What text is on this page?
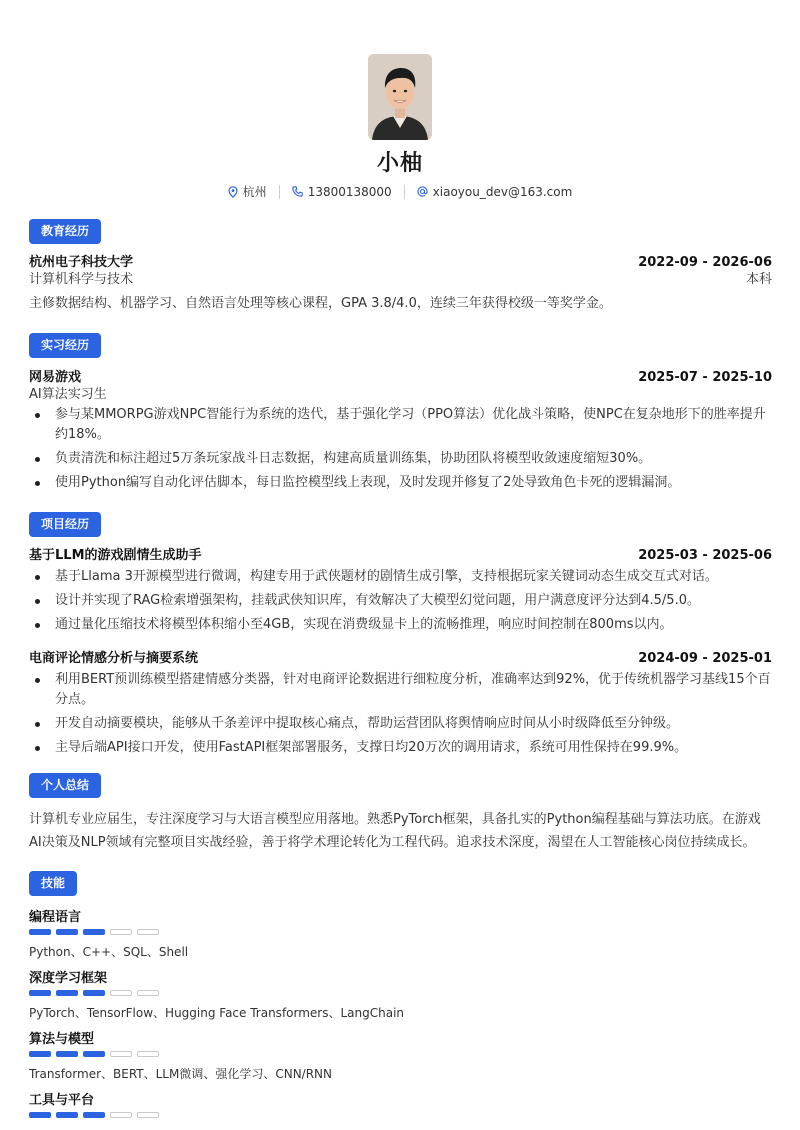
小柚
杭州	13800138000	xiaoyou_dev@163.com
教育经历
杭州电子科技大学	2022-09 - 2026-06
计算机科学与技术	本科
主修数据结构、机器学习、自然语言处理等核心课程，GPA 3.8/4.0，连续三年获得校级一等奖学金。
实习经历
网易游戏	2025-07 - 2025-10
AI算法实习生
参与某MMORPG游戏NPC智能行为系统的迭代，基于强化学习（PPO算法）优化战斗策略，使NPC在复杂地形下的胜率提升约18%。
负责清洗和标注超过5万条玩家战斗日志数据，构建高质量训练集，协助团队将模型收敛速度缩短30%。
使用Python编写自动化评估脚本，每日监控模型线上表现，及时发现并修复了2处导致角色卡死的逻辑漏洞。
项目经历
基于LLM的游戏剧情生成助手	2025-03 - 2025-06
基于Llama 3开源模型进行微调，构建专用于武侠题材的剧情生成引擎，支持根据玩家关键词动态生成交互式对话。
设计并实现了RAG检索增强架构，挂载武侠知识库，有效解决了大模型幻觉问题，用户满意度评分达到4.5/5.0。
通过量化压缩技术将模型体积缩小至4GB，实现在消费级显卡上的流畅推理，响应时间控制在800ms以内。
电商评论情感分析与摘要系统	2024-09 - 2025-01
利用BERT预训练模型搭建情感分类器，针对电商评论数据进行细粒度分析，准确率达到92%，优于传统机器学习基线15个百分点。
开发自动摘要模块，能够从千条差评中提取核心痛点，帮助运营团队将舆情响应时间从小时级降低至分钟级。
主导后端API接口开发，使用FastAPI框架部署服务，支撑日均20万次的调用请求，系统可用性保持在99.9%。
个人总结
计算机专业应届生，专注深度学习与大语言模型应用落地。熟悉PyTorch框架，具备扎实的Python编程基础与算法功底。在游戏AI决策及NLP领域有完整项目实战经验，善于将学术理论转化为工程代码。追求技术深度，渴望在人工智能核心岗位持续成长。
技能
编程语言
Python、C++、SQL、Shell
深度学习框架
PyTorch、TensorFlow、Hugging Face Transformers、LangChain
算法与模型
Transformer、BERT、LLM微调、强化学习、CNN/RNN
工具与平台
